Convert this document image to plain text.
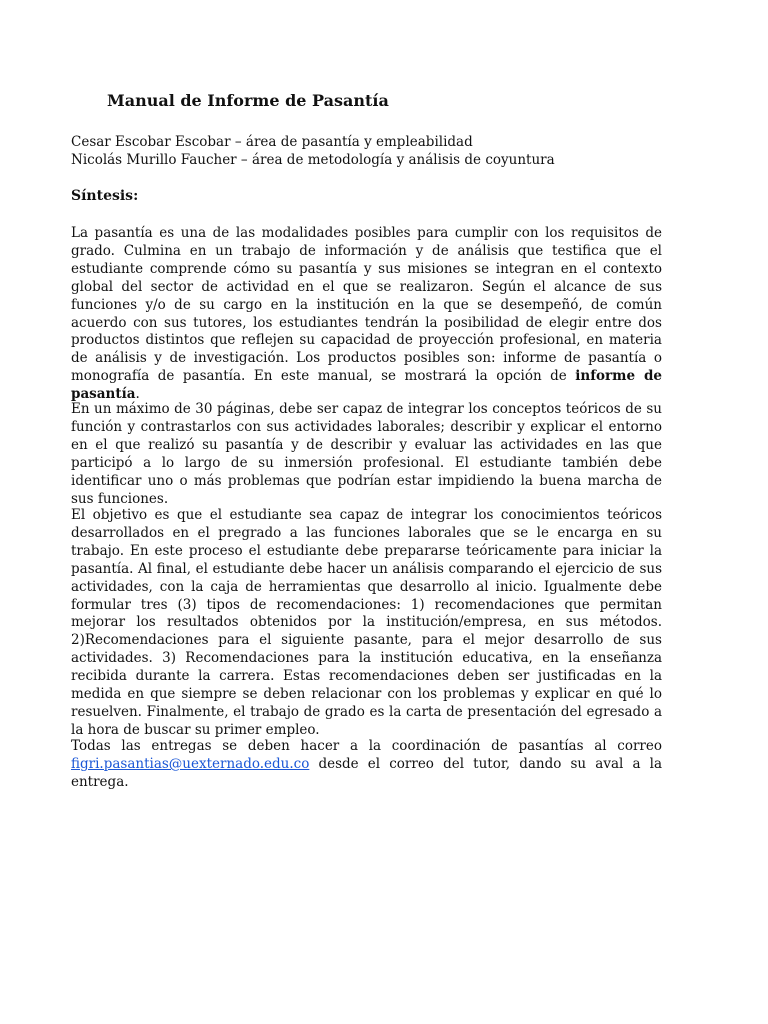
Manual de Informe de Pasantía
Cesar Escobar Escobar – área de pasantía y empleabilidad
Nicolás Murillo Faucher – área de metodología y análisis de coyuntura
Síntesis:

La pasantía es una de las modalidades posibles para cumplir con los requisitos de grado. Culmina en un trabajo de información y de análisis que testifica que el estudiante comprende cómo su pasantía y sus misiones se integran en el contexto global del sector de actividad en el que se realizaron. Según el alcance de sus funciones y/o de su cargo en la institución en la que se desempeñó, de común acuerdo con sus tutores, los estudiantes tendrán la posibilidad de elegir entre dos productos distintos que reflejen su capacidad de proyección profesional, en materia de análisis y de investigación. Los productos posibles son: informe de pasantía o monografía de pasantía. En este manual, se mostrará la opción de informe de pasantía.

En un máximo de 30 páginas, debe ser capaz de integrar los conceptos teóricos de su función y contrastarlos con sus actividades laborales; describir y explicar el entorno en el que realizó su pasantía y de describir y evaluar las actividades en las que participó a lo largo de su inmersión profesional. El estudiante también debe identificar uno o más problemas que podrían estar impidiendo la buena marcha de sus funciones.

El objetivo es que el estudiante sea capaz de integrar los conocimientos teóricos desarrollados en el pregrado a las funciones laborales que se le encarga en su trabajo. En este proceso el estudiante debe prepararse teóricamente para iniciar la pasantía. Al final, el estudiante debe hacer un análisis comparando el ejercicio de sus actividades, con la caja de herramientas que desarrollo al inicio. Igualmente debe formular tres (3) tipos de recomendaciones: 1) recomendaciones que permitan mejorar los resultados obtenidos por la institución/empresa, en sus métodos. 2)Recomendaciones para el siguiente pasante, para el mejor desarrollo de sus actividades. 3) Recomendaciones para la institución educativa, en la enseñanza recibida durante la carrera. Estas recomendaciones deben ser justificadas en la medida en que siempre se deben relacionar con los problemas y explicar en qué lo resuelven. Finalmente, el trabajo de grado es la carta de presentación del egresado a la hora de buscar su primer empleo.

Todas las entregas se deben hacer a la coordinación de pasantías al correo figri.pasantias@uexternado.edu.co desde el correo del tutor, dando su aval a la entrega.
